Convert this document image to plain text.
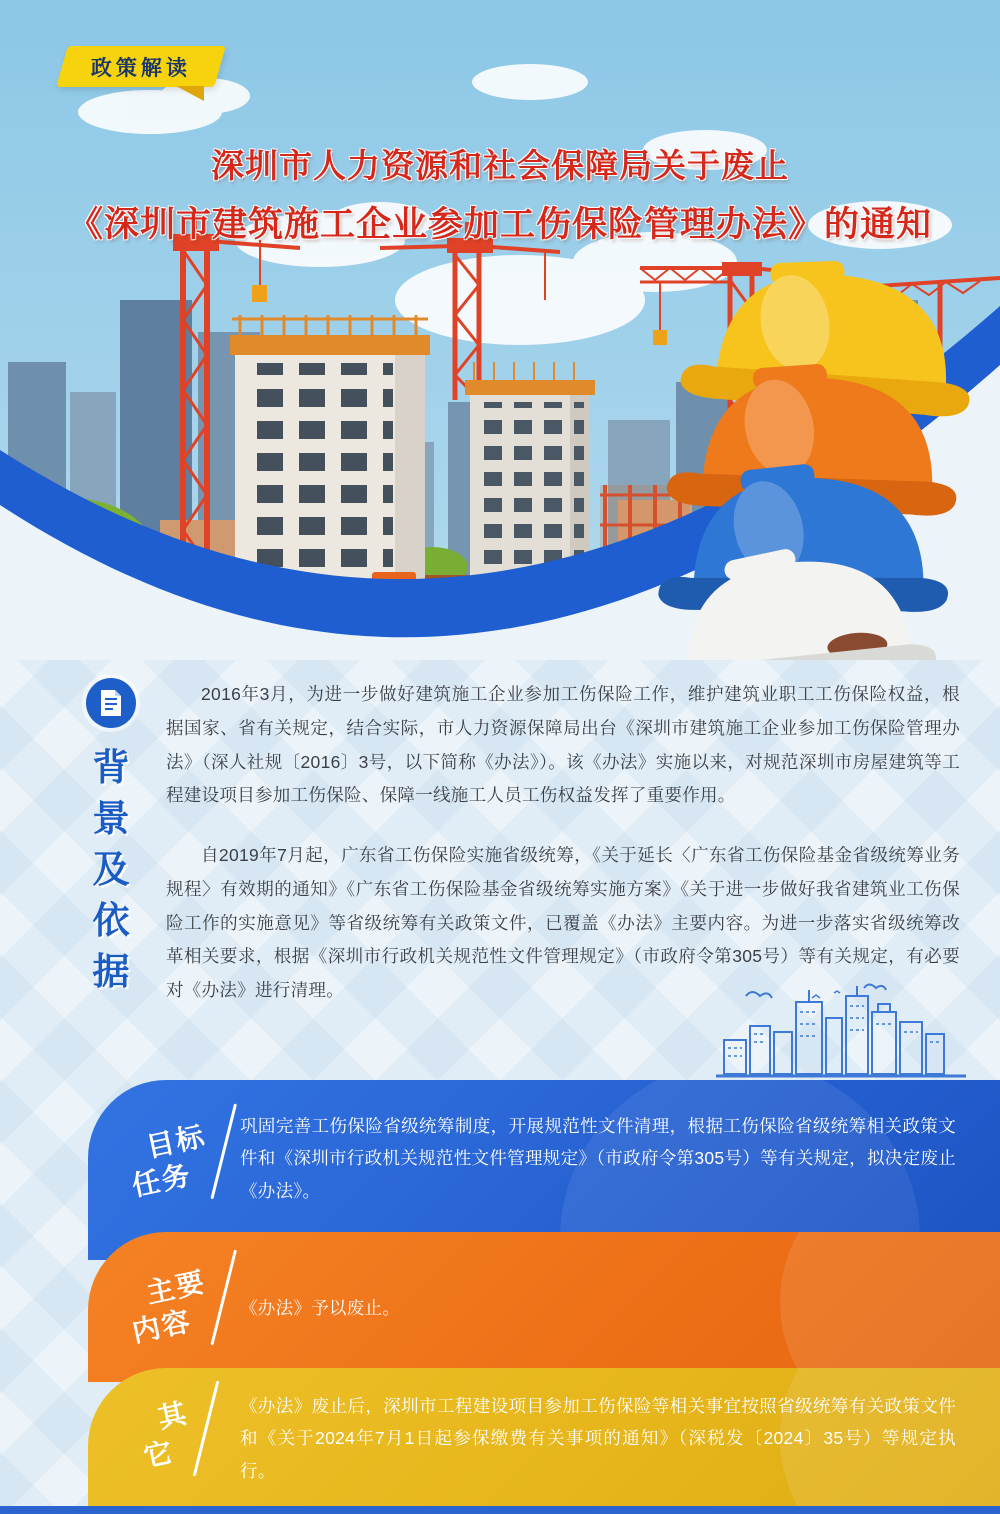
政策解读
深圳市人力资源和社会保障局关于废止
《深圳市建筑施工企业参加工伤保险管理办法》的通知
背
景
及
依
据

2016年3月，为进一步做好建筑施工企业参加工伤保险工作，维护建筑业职工工伤保险权益，根据国家、省有关规定，结合实际，市人力资源保障局出台《深圳市建筑施工企业参加工伤保险管理办法》（深人社规〔2016〕3号，以下简称《办法》）。该《办法》实施以来，对规范深圳市房屋建筑等工程建设项目参加工伤保险、保障一线施工人员工伤权益发挥了重要作用。

自2019年7月起，广东省工伤保险实施省级统筹，《关于延长〈广东省工伤保险基金省级统筹业务规程〉有效期的通知》《广东省工伤保险基金省级统筹实施方案》《关于进一步做好我省建筑业工伤保险工作的实施意见》等省级统筹有关政策文件，已覆盖《办法》主要内容。为进一步落实省级统筹改革相关要求，根据《深圳市行政机关规范性文件管理规定》（市政府令第305号）等有关规定，有必要对《办法》进行清理。

目标
任务
巩固完善工伤保险省级统筹制度，开展规范性文件清理，根据工伤保险省级统筹相关政策文件和《深圳市行政机关规范性文件管理规定》（市政府令第305号）等有关规定，拟决定废止《办法》。
主要
内容	《办法》予以废止。
其
它
《办法》废止后，深圳市工程建设项目参加工伤保险等相关事宜按照省级统筹有关政策文件和《关于2024年7月1日起参保缴费有关事项的通知》（深税发〔2024〕35号）等规定执行。
